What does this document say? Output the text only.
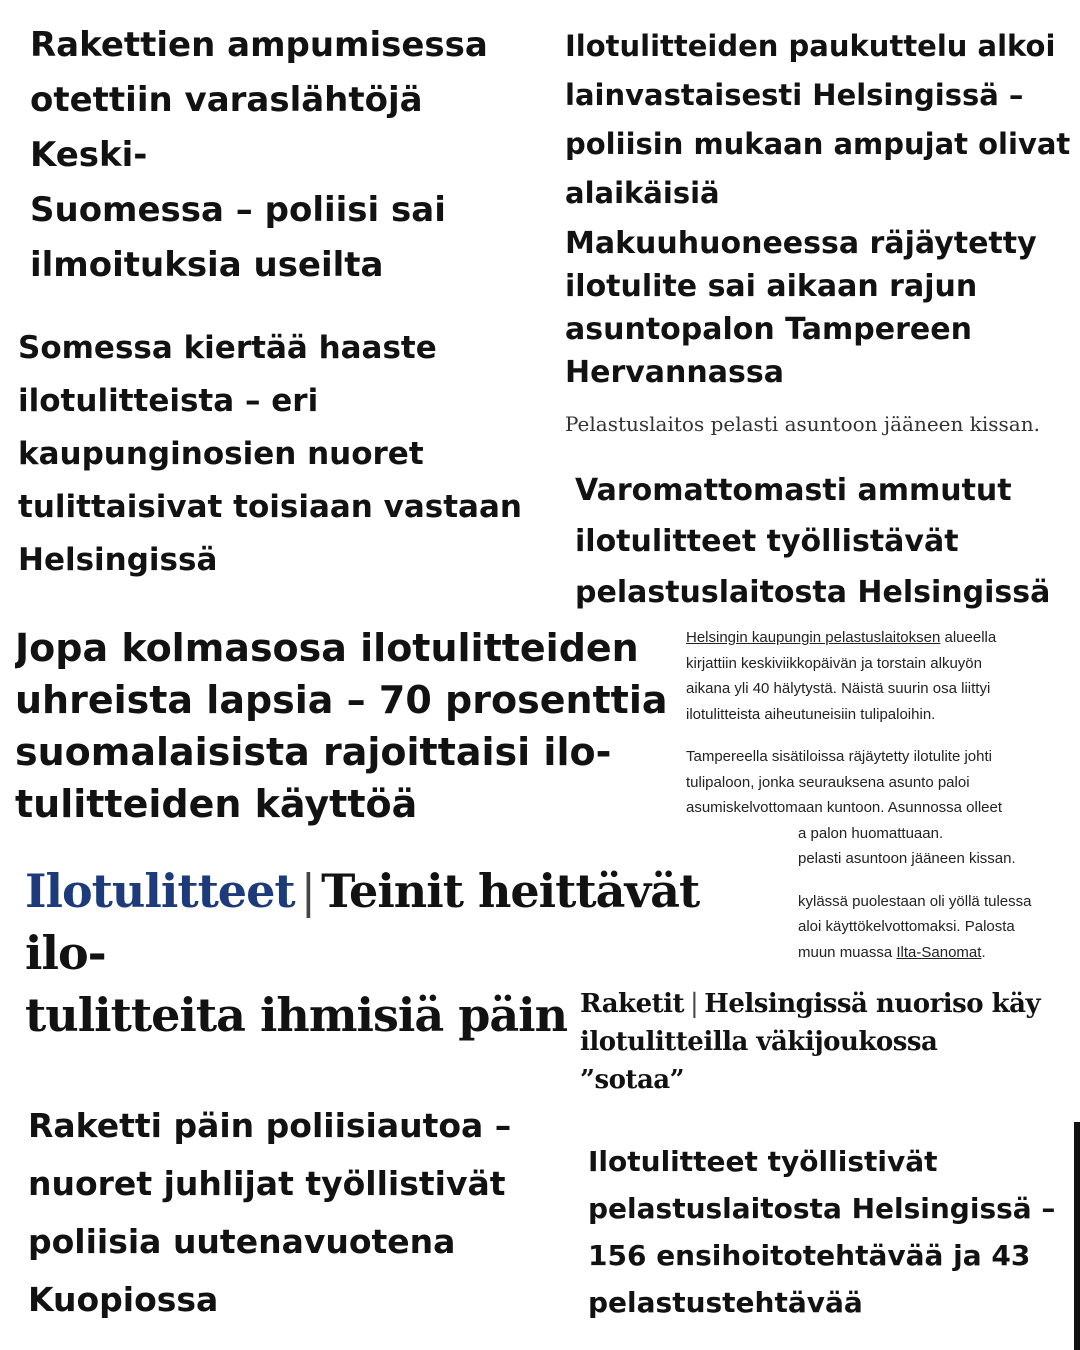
Rakettien ampumisessa
otettiin varaslähtöjä Keski-
Suomessa – poliisi sai
ilmoituksia useilta
Ilotulitteiden paukuttelu alkoi
lainvastaisesti Helsingissä –
poliisin mukaan ampujat olivat
alaikäisiä
Makuuhuoneessa räjäytetty
ilotulite sai aikaan rajun
asuntopalon Tampereen
Hervannassa

Pelastuslaitos pelasti asuntoon jääneen kissan.

Somessa kiertää haaste
ilotulitteista – eri
kaupunginosien nuoret
tulittaisivat toisiaan vastaan
Helsingissä
Varomattomasti ammutut
ilotulitteet työllistävät
pelastuslaitosta Helsingissä
Jopa kolmasosa ilotulitteiden
uhreista lapsia – 70 prosenttia
suomalaisista rajoittaisi ilo-
tulitteiden käyttöä
Helsingin kaupungin pelastuslaitoksen alueella
kirjattiin keskiviikkopäivän ja torstain alkuyön
aikana yli 40 hälytystä. Näistä suurin osa liittyi
ilotulitteista aiheutuneisiin tulipaloihin.
Tampereella sisätiloissa räjäytetty ilotulite johti
tulipaloon, jonka seurauksena asunto paloi
asumiskelvottomaan kuntoon. Asunnossa olleet
a palon huomattuaan.
pelasti asuntoon jääneen kissan.
kylässä puolestaan oli yöllä tulessa
aloi käyttökelvottomaksi. Palosta
muun muassa Ilta-Sanomat.
Ilotulitteet | Teinit heittävät ilo-
tulitteita ihmisiä päin Raketit | Helsingissä nuoriso käy
ilotulitteilla väkijoukossa
”sotaa”
Raketti päin poliisiautoa –
nuoret juhlijat työllistivät
poliisia uutenavuotena
Kuopiossa
Ilotulitteet työllistivät
pelastuslaitosta Helsingissä –
156 ensihoitotehtävää ja 43
pelastustehtävää
